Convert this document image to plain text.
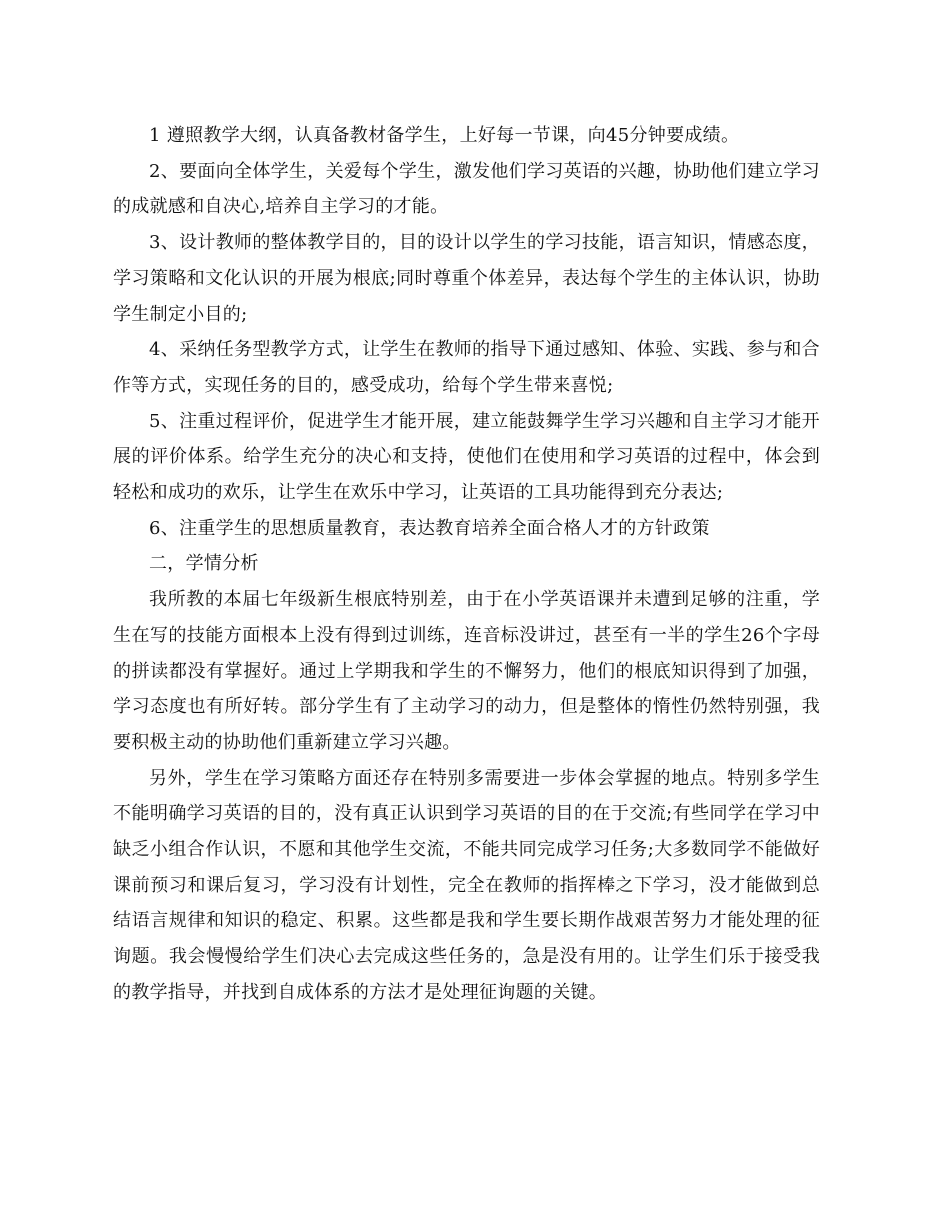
1 遵照教学大纲，认真备教材备学生，上好每一节课，向45分钟要成绩。

2、要面向全体学生，关爱每个学生，激发他们学习英语的兴趣，协助他们建立学习的成就感和自决心,培养自主学习的才能。

3、设计教师的整体教学目的，目的设计以学生的学习技能，语言知识，情感态度，学习策略和文化认识的开展为根底;同时尊重个体差异，表达每个学生的主体认识，协助学生制定小目的;

4、采纳任务型教学方式，让学生在教师的指导下通过感知、体验、实践、参与和合作等方式，实现任务的目的，感受成功，给每个学生带来喜悦;

5、注重过程评价，促进学生才能开展，建立能鼓舞学生学习兴趣和自主学习才能开展的评价体系。给学生充分的决心和支持，使他们在使用和学习英语的过程中，体会到轻松和成功的欢乐，让学生在欢乐中学习，让英语的工具功能得到充分表达;

6、注重学生的思想质量教育，表达教育培养全面合格人才的方针政策

二，学情分析

我所教的本届七年级新生根底特别差，由于在小学英语课并未遭到足够的注重，学生在写的技能方面根本上没有得到过训练，连音标没讲过，甚至有一半的学生26个字母的拼读都没有掌握好。通过上学期我和学生的不懈努力，他们的根底知识得到了加强，学习态度也有所好转。部分学生有了主动学习的动力，但是整体的惰性仍然特别强，我要积极主动的协助他们重新建立学习兴趣。

另外，学生在学习策略方面还存在特别多需要进一步体会掌握的地点。特别多学生不能明确学习英语的目的，没有真正认识到学习英语的目的在于交流;有些同学在学习中缺乏小组合作认识，不愿和其他学生交流，不能共同完成学习任务;大多数同学不能做好课前预习和课后复习，学习没有计划性，完全在教师的指挥棒之下学习，没才能做到总结语言规律和知识的稳定、积累。这些都是我和学生要长期作战艰苦努力才能处理的征询题。我会慢慢给学生们决心去完成这些任务的，急是没有用的。让学生们乐于接受我的教学指导，并找到自成体系的方法才是处理征询题的关键。
